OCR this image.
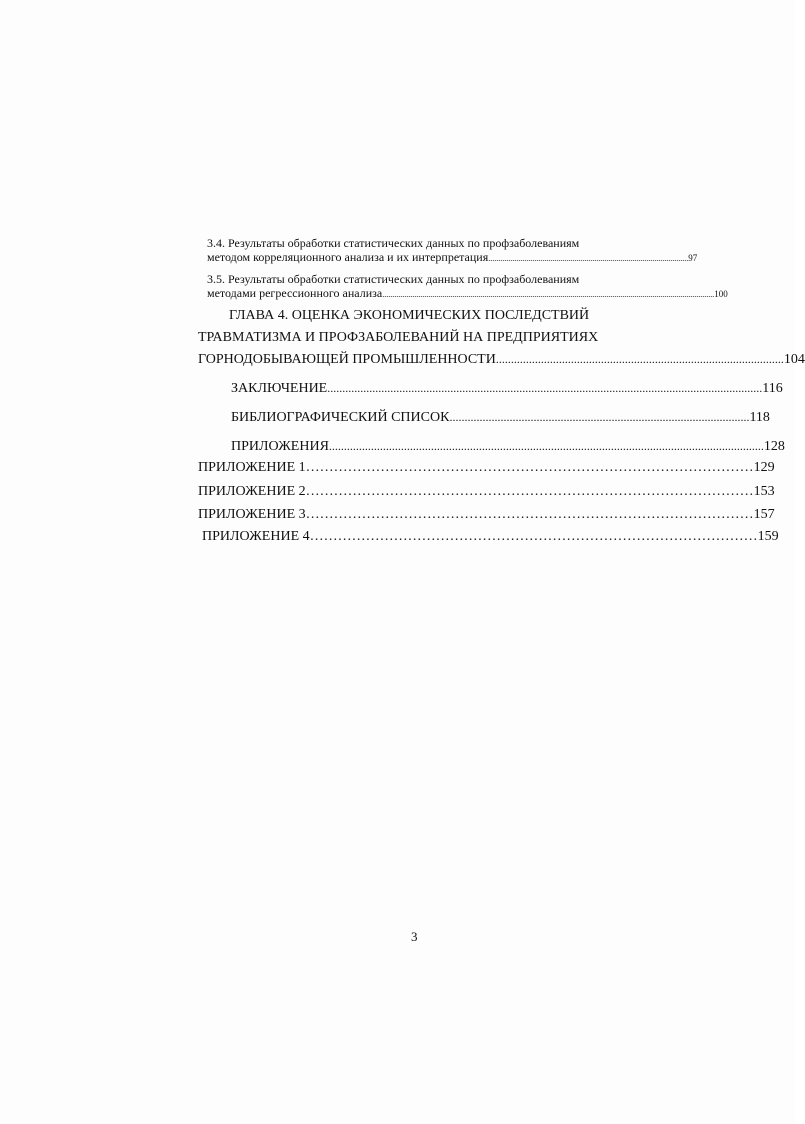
3.4. Результаты обработки статистических данных по профзаболеваниям
методом корреляционного анализа и их интерпретация .................................................................................................... 97
3.5. Результаты обработки статистических данных по профзаболеваниям
методами регрессионного анализа ...................................................................................................................................................................... 100
ГЛАВА 4. ОЦЕНКА ЭКОНОМИЧЕСКИХ ПОСЛЕДСТВИЙ
ТРАВМАТИЗМА И ПРОФЗАБОЛЕВАНИЙ НА ПРЕДПРИЯТИЯХ
ГОРНОДОБЫВАЮЩЕЙ ПРОМЫШЛЕННОСТИ ................................................................................................ 104
ЗАКЛЮЧЕНИЕ ................................................................................................................................................. 116
БИБЛИОГРАФИЧЕСКИЙ СПИСОК .................................................................................................... 118
ПРИЛОЖЕНИЯ ................................................................................................................................................. 128
ПРИЛОЖЕНИЕ 1 …………………………………………………………………………………… 129
ПРИЛОЖЕНИЕ 2 …………………………………………………………………………………… 153
ПРИЛОЖЕНИЕ 3 …………………………………………………………………………………… 157
ПРИЛОЖЕНИЕ 4 …………………………………………………………………………………… 159
3
